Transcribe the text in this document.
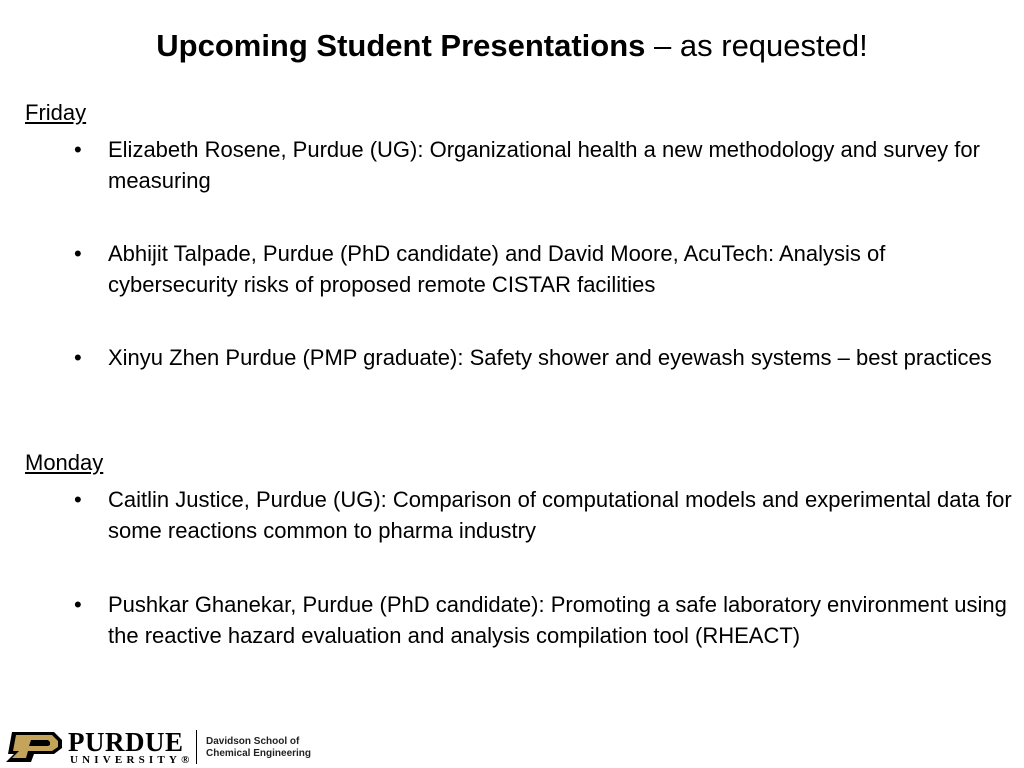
Upcoming Student Presentations – as requested!
Friday
• Elizabeth Rosene, Purdue (UG): Organizational health a new methodology and survey for measuring
• Abhijit Talpade, Purdue (PhD candidate) and David Moore, AcuTech: Analysis of cybersecurity risks of proposed remote CISTAR facilities
• Xinyu Zhen Purdue (PMP graduate): Safety shower and eyewash systems – best practices
Monday
• Caitlin Justice, Purdue (UG): Comparison of computational models and experimental data for some reactions common to pharma industry
• Pushkar Ghanekar, Purdue (PhD candidate): Promoting a safe laboratory environment using the reactive hazard evaluation and analysis compilation tool (RHEACT)
PURDUE
UNIVERSITY®
Davidson School of
Chemical Engineering
